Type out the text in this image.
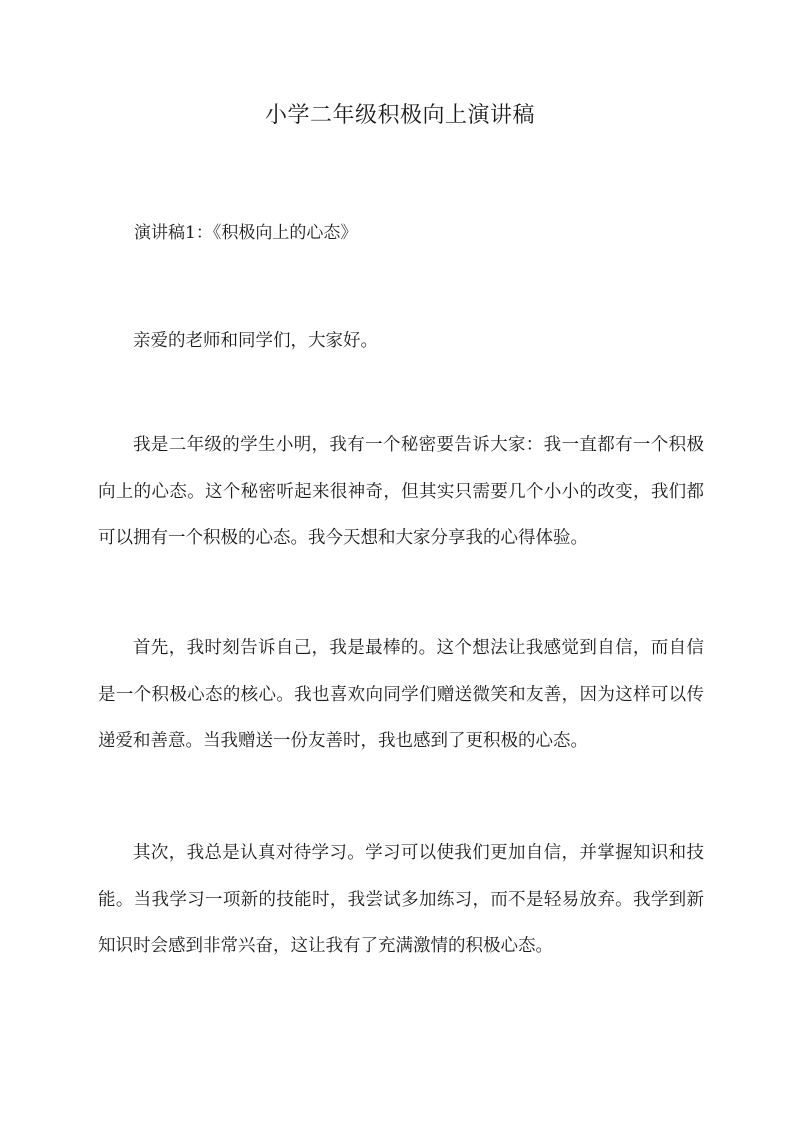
小学二年级积极向上演讲稿

演讲稿1：《积极向上的心态》

亲爱的老师和同学们，大家好。

我是二年级的学生小明，我有一个秘密要告诉大家：我一直都有一个积极向上的心态。这个秘密听起来很神奇，但其实只需要几个小小的改变，我们都可以拥有一个积极的心态。我今天想和大家分享我的心得体验。

首先，我时刻告诉自己，我是最棒的。这个想法让我感觉到自信，而自信是一个积极心态的核心。我也喜欢向同学们赠送微笑和友善，因为这样可以传递爱和善意。当我赠送一份友善时，我也感到了更积极的心态。

其次，我总是认真对待学习。学习可以使我们更加自信，并掌握知识和技能。当我学习一项新的技能时，我尝试多加练习，而不是轻易放弃。我学到新知识时会感到非常兴奋，这让我有了充满激情的积极心态。
